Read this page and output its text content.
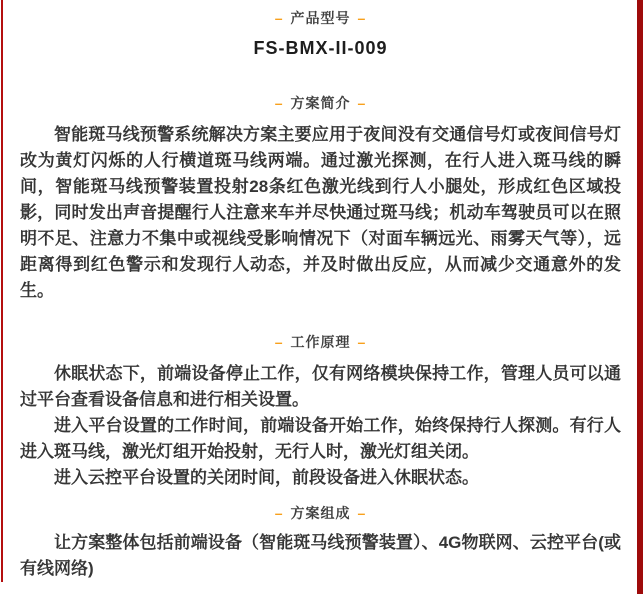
– 产品型号 –
FS-BMX-II-009
– 方案简介 –

智能斑马线预警系统解决方案主要应用于夜间没有交通信号灯或夜间信号灯改为黄灯闪烁的人行横道斑马线两端。通过激光探测，在行人进入斑马线的瞬间，智能斑马线预警装置投射28条红色激光线到行人小腿处，形成红色区域投影，同时发出声音提醒行人注意来车并尽快通过斑马线；机动车驾驶员可以在照明不足、注意力不集中或视线受影响情况下（对面车辆远光、雨雾天气等），远距离得到红色警示和发现行人动态，并及时做出反应，从而减少交通意外的发生。

– 工作原理 –

休眠状态下，前端设备停止工作，仅有网络模块保持工作，管理人员可以通过平台查看设备信息和进行相关设置。

进入平台设置的工作时间，前端设备开始工作，始终保持行人探测。有行人进入斑马线，激光灯组开始投射，无行人时，激光灯组关闭。

进入云控平台设置的关闭时间，前段设备进入休眠状态。

– 方案组成 –

让方案整体包括前端设备（智能斑马线预警装置）、4G物联网、云控平台(或有线网络)
